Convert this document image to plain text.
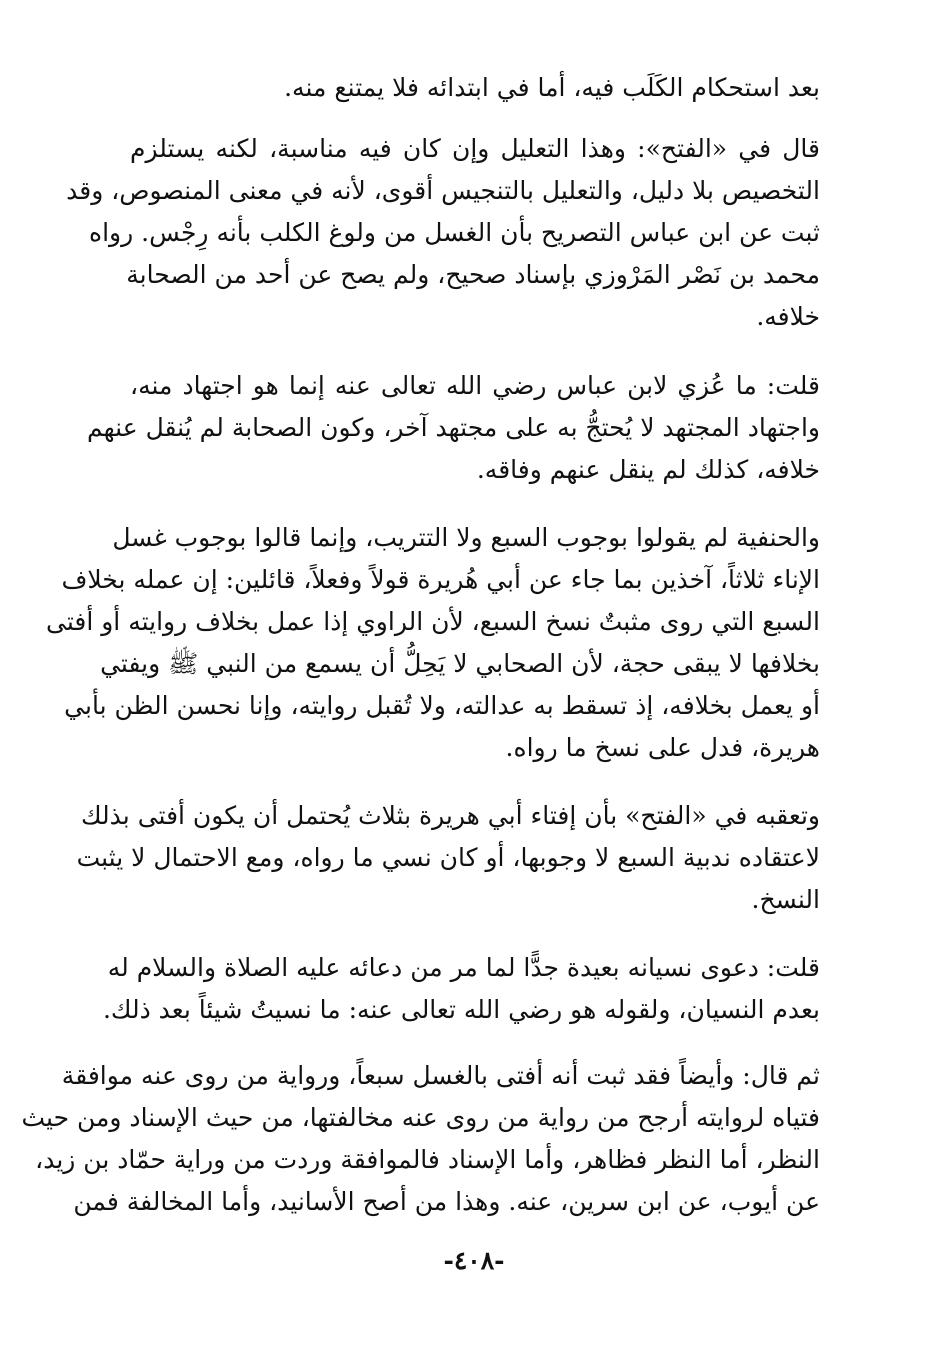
بعد استحكام الكَلَب فيه، أما في ابتدائه فلا يمتنع منه.
قال في «الفتح»: وهذا التعليل وإن كان فيه مناسبة، لكنه يستلزم
التخصيص بلا دليل، والتعليل بالتنجيس أقوى، لأنه في معنى المنصوص، وقد
ثبت عن ابن عباس التصريح بأن الغسل من ولوغ الكلب بأنه رِجْس. رواه
محمد بن نَصْر المَرْوزي بإسناد صحيح، ولم يصح عن أحد من الصحابة
خلافه.
قلت: ما عُزي لابن عباس رضي الله تعالى عنه إنما هو اجتهاد منه،
واجتهاد المجتهد لا يُحتجُّ به على مجتهد آخر، وكون الصحابة لم يُنقل عنهم
خلافه، كذلك لم ينقل عنهم وفاقه.
والحنفية لم يقولوا بوجوب السبع ولا التتريب، وإنما قالوا بوجوب غسل
الإناء ثلاثاً، آخذين بما جاء عن أبي هُريرة قولاً وفعلاً، قائلين: إن عمله بخلاف
السبع التي روى مثبتٌ نسخ السبع، لأن الراوي إذا عمل بخلاف روايته أو أفتى
بخلافها لا يبقى حجة، لأن الصحابي لا يَحِلُّ أن يسمع من النبي ﷺ ويفتي
أو يعمل بخلافه، إذ تسقط به عدالته، ولا تُقبل روايته، وإنا نحسن الظن بأبي
هريرة، فدل على نسخ ما رواه.
وتعقبه في «الفتح» بأن إفتاء أبي هريرة بثلاث يُحتمل أن يكون أفتى بذلك
لاعتقاده ندبية السبع لا وجوبها، أو كان نسي ما رواه، ومع الاحتمال لا يثبت
النسخ.
قلت: دعوى نسيانه بعيدة جدًّا لما مر من دعائه عليه الصلاة والسلام له
بعدم النسيان، ولقوله هو رضي الله تعالى عنه: ما نسيتُ شيئاً بعد ذلك.
ثم قال: وأيضاً فقد ثبت أنه أفتى بالغسل سبعاً، ورواية من روى عنه موافقة
فتياه لروايته أرجح من رواية من روى عنه مخالفتها، من حيث الإسناد ومن حيث
النظر، أما النظر فظاهر، وأما الإسناد فالموافقة وردت من وراية حمّاد بن زيد،
عن أيوب، عن ابن سرين، عنه. وهذا من أصح الأسانيد، وأما المخالفة فمن
-٤٠٨-
